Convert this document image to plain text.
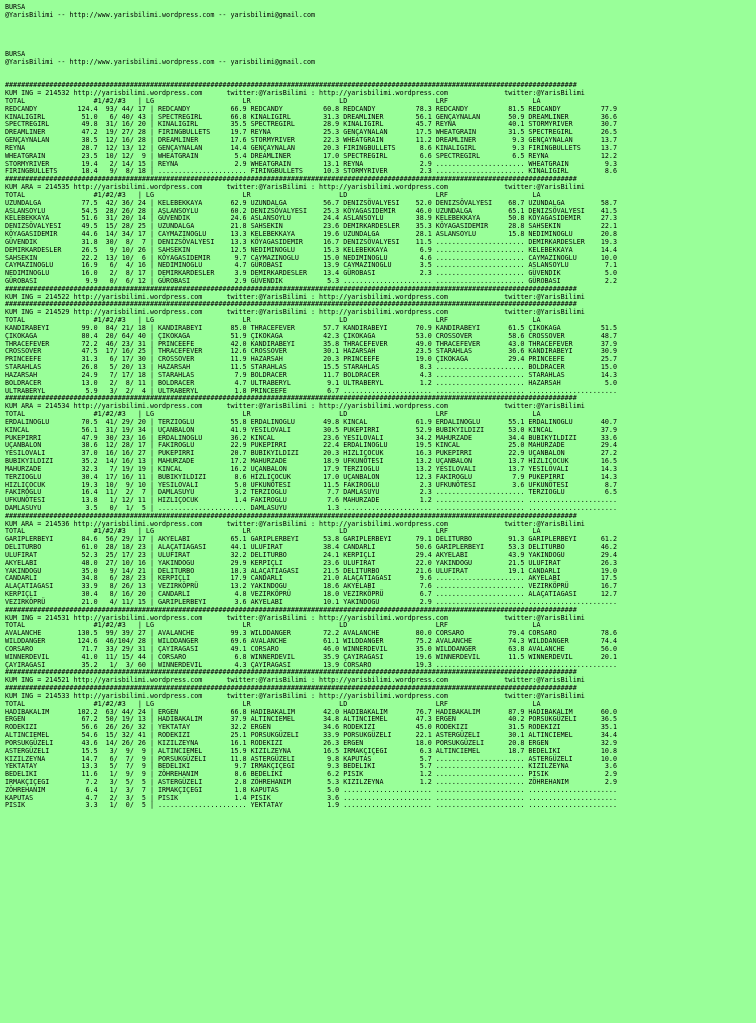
BURSA
@YarisBilimi -- http://www.yarisbilimi.wordpress.com -- yarisbilimi@gmail.com
BURSA
@YarisBilimi -- http://www.yarisbilimi.wordpress.com -- yarisbilimi@gmail.com
##############################################################################################################################################
KUM ING = 214532 http://yarisbilimi.wordpress.com      twitter:@YarisBilimi : http://yarisbilimi.wordpress.com              twitter:@YarisBilimi
TOTAL                 #1/#2/#3   | LG                      LR                      LD                      LRF                     LA
REDCANDY          124.4  93/ 44/ 17 | REDCANDY          66.9 REDCANDY          60.8 REDCANDY          78.3 REDCANDY          81.5 REDCANDY          77.9
KINALIGIRL         51.0   6/ 40/ 43 | SPECTREGIRL       66.8 KINALIGIRL        31.3 DREAMLINER        56.1 GENÇAYNALAN       50.9 DREAMLINER        36.6
SPECTREGIRL        49.8  31/ 16/ 20 | KINALIGIRL        35.5 SPECTREGIRL       28.9 KINALIGIRL        45.7 REYNA             40.1 STORMYRIVER       30.7
DREAMLINER         47.2  19/ 27/ 28 | FIRINGBULLETS     19.7 REYNA             25.3 GENÇAYNALAN       17.5 WHEATGRAIN        31.5 SPECTREGIRL       26.5
GENÇAYNALAN        38.5  12/ 16/ 28 | DREAMLINER        17.6 STORMYRIVER       22.3 WHEATGRAIN        11.2 DREAMLINER         9.3 GENÇAYNALAN       13.7
REYNA              28.7  12/ 13/ 12 | GENÇAYNALAN       14.4 GENÇAYNALAN       20.3 FIRINGBULLETS      8.6 KINALIGIRL         9.3 FIRINGBULLETS     13.7
WHEATGRAIN         23.5  10/ 12/  9 | WHEATGRAIN         5.4 DREAMLINER        17.0 SPECTREGIRL        6.6 SPECTREGIRL        6.5 REYNA             12.2
STORMYRIVER        19.4   2/ 14/ 15 | REYNA              2.9 WHEATGRAIN        13.1 REYNA              2.9 ...................... WHEATGRAIN         9.3
FIRINGBULLETS      18.4   9/  8/ 18 | ...................... FIRINGBULLETS     10.3 STORMYRIVER        2.3 ...................... KINALIGIRL         8.6
##############################################################################################################################################
KUM ARA = 214535 http://yarisbilimi.wordpress.com      twitter:@YarisBilimi : http://yarisbilimi.wordpress.com              twitter:@YarisBilimi
TOTAL                 #1/#2/#3   | LG                      LR                      LD                      LRF                     LA
UZUNDALGA          77.5  42/ 36/ 24 | KELEBEKKAYA       62.9 UZUNDALGA         56.7 DENIZSÖVALYESI    52.0 DENIZSÖVALYESI    68.7 UZUNDALGA         58.7
ASLANSOYLU         54.5  28/ 26/ 28 | ASLANSOYLU        60.2 DENIZSÖVALYESI    25.3 KÖYAGASIDEMIR     46.0 UZUNDALGA         65.1 DENIZSÖVALYESI    41.5
KELEBEKKAYA        51.6  31/ 20/ 14 | GÜVENDIK          24.6 ASLANSOYLU        24.4 ASLANSOYLU        38.9 KELEBEKKAYA       50.8 KÖYAGASIDEMIR     27.3
DENIZSÖVALYESI     49.5  15/ 28/ 25 | UZUNDALGA         21.8 SAHSEKIN          23.6 DEMIRKARDESLER    35.3 KÖYAGASIDEMIR     28.8 SAHSEKIN          22.1
KÖYAGASIDEMIR      44.6  14/ 34/ 17 | CAYMAZINOGLU      13.3 KELEBEKKAYA       19.6 UZUNDALGA         28.1 ASLANSOYLU        15.8 NEDIMINOGLU       20.8
GÜVENDIK           31.8  30/  8/  7 | DENIZSÖVALYESI    13.3 KÖYAGASIDEMIR     16.7 DENIZSÖVALYESI    11.5 ...................... DEMIRKARDESLER    19.3
DEMIRKARDESLER     26.5   9/ 10/ 26 | SAHSEKIN          12.5 NEDIMINOGLU       15.3 KELEBEKKAYA        6.9 ...................... KELEBEKKAYA       14.4
SAHSEKIN           22.2  13/ 10/  6 | KÖYAGASIDEMIR      9.7 CAYMAZINOGLU      15.0 NEDIMINOGLU        4.6 ...................... CAYMAZINOGLU      10.0
CAYMAZINOGLU       16.9   6/  4/ 16 | NEDIMINOGLU        4.7 GÜROBASI          13.9 CAYMAZINOGLU       3.5 ...................... ASLANSOYLU         7.1
NEDIMINOGLU        16.0   2/  8/ 17 | DEMIRKARDESLER     3.9 DEMIRKARDESLER    13.4 GÜROBASI           2.3 ...................... GÜVENDIK           5.0
GÜROBASI            9.9   0/  6/ 12 | GÜROBASI           2.9 GÜVENDIK           5.3 ...................... ...................... GÜROBASI           2.2
##############################################################################################################################################
KUM ING = 214522 http://yarisbilimi.wordpress.com      twitter:@YarisBilimi : http://yarisbilimi.wordpress.com              twitter:@YarisBilimi
##############################################################################################################################################
KUM ING = 214529 http://yarisbilimi.wordpress.com      twitter:@YarisBilimi : http://yarisbilimi.wordpress.com              twitter:@YarisBilimi
TOTAL                 #1/#2/#3   | LG                      LR                      LD                      LRF                     LA
KANDIRABEYI        99.0  84/ 21/ 18 | KANDIRABEYI       85.0 THRACEFEVER       57.7 KANDIRABEYI       70.9 KANDIRABEYI       61.5 ÇIKOKAGA          51.5
ÇIKOKAGA           80.4  20/ 64/ 40 | ÇIKOKAGA          51.9 ÇIKOKAGA          42.3 ÇIKOKAGA          53.0 CROSSOVER         58.6 CROSSOVER         48.7
THRACEFEVER        72.2  46/ 23/ 31 | PRINCEEFE         42.0 KANDIRABEYI       35.8 THRACEFEVER       49.0 THRACEFEVER       43.0 THRACEFEVER       37.9
CROSSOVER          47.5  17/ 16/ 25 | THRACEFEVER       12.6 CROSSOVER         30.1 HAZARSAH          23.5 STARAHLAS         36.6 KANDIRABEYI       30.9
PRINCEEFE          31.3   6/ 17/ 30 | CROSSOVER         11.9 HAZARSAH          20.3 PRINCEEFE         19.0 ÇIKOKAGA          29.4 PRINCEEFE         25.7
STARAHLAS          26.8   5/ 20/ 13 | HAZARSAH          11.5 STARAHLAS         15.5 STARAHLAS          8.3 ...................... BOLDRACER         15.0
HAZARSAH           24.9   7/ 17/ 18 | STARAHLAS          7.9 BOLDRACER         11.7 BOLDRACER          4.3 ...................... STARAHLAS         14.3
BOLDRACER          13.0   2/  8/ 11 | BOLDRACER          4.7 ULTRABERYL         9.1 ULTRABERYL         1.2 ...................... HAZARSAH           5.0
ULTRABERYL          5.9   3/  2/  4 | ULTRABERYL         1.8 PRINCEEFE          6.7 ...................... ...................... ......................
##############################################################################################################################################
KUM ARA = 214534 http://yarisbilimi.wordpress.com      twitter:@YarisBilimi : http://yarisbilimi.wordpress.com              twitter:@YarisBilimi
TOTAL                 #1/#2/#3   | LG                      LR                      LD                      LRF                     LA
ERDALINOGLU        70.5  41/ 29/ 20 | TERZIOGLU         55.8 ERDALINOGLU       49.8 KINCAL            61.9 ERDALINOGLU       55.1 ERDALINOGLU       40.7
KINCAL             56.1  31/ 19/ 34 | UÇANBALON         41.9 YESILOVALI        30.5 PUKEPIRRI         52.9 BUBIKYILDIZI      53.0 KINCAL            37.9
PUKEPIRRI          47.9  30/ 23/ 16 | ERDALINOGLU       36.2 KINCAL            23.6 YESILOVALI        34.2 MAHURZADE         34.4 BUBIKYILDIZI      33.6
UÇANBALON          38.6  12/ 28/ 17 | FAKIROGLU         22.9 PUKEPIRRI         22.4 ERDALINOGLU       19.5 KINCAL            25.0 MAHURZADE         29.4
YESILOVALI         37.0  16/ 16/ 27 | PUKEPIRRI         20.7 BUBIKYILDIZI      20.3 HIZLIÇOCUK        16.3 PUKEPIRRI         22.9 UÇANBALON         27.2
BUBIKYILDIZI       35.2  14/ 16/ 13 | MAHURZADE         17.2 MAHURZADE         18.9 UFKUNÖTESI        13.2 UÇANBALON         13.7 HIZLIÇOCUK        16.5
MAHURZADE          32.3   7/ 19/ 19 | KINCAL            16.2 UÇANBALON         17.9 TERZIOGLU         13.2 YESILOVALI        13.7 YESILOVALI        14.3
TERZIOGLU          30.4  17/ 16/ 11 | BUBIKYILDIZI       8.6 HIZLIÇOCUK        17.0 UÇANBALON         12.3 FAKIROGLU          7.9 PUKEPIRRI         14.3
HIZLIÇOCUK         19.3  10/  9/ 10 | YESILOVALI         5.0 UFKUNÖTESI        11.5 FAKIROGLU          2.3 UFKUNÖTESI         3.6 UFKUNÖTESI         8.7
FAKIROGLU          16.4  11/  2/  7 | DAMLASUYU          3.2 TERZIOGLU          7.7 DAMLASUYU          2.3 ...................... TERZIOGLU          6.5
UFKUNÖTESI         13.8   1/ 12/ 11 | HIZLIÇOCUK         1.4 FAKIROGLU          7.6 MAHURZADE          1.2 ...................... ......................
DAMLASUYU           3.5   0/  1/  5 | ...................... DAMLASUYU          1.3 ...................... ...................... ......................
##############################################################################################################################################
KUM ARA = 214536 http://yarisbilimi.wordpress.com      twitter:@YarisBilimi : http://yarisbilimi.wordpress.com              twitter:@YarisBilimi
TOTAL                 #1/#2/#3   | LG                      LR                      LD                      LRF                     LA
GARIPLERBEYI       84.6  56/ 29/ 17 | AKYELABI          65.1 GARIPLERBEYI      53.8 GARIPLERBEYI      79.1 DELITURBO         91.3 GARIPLERBEYI      61.2
DELITURBO          61.0  28/ 18/ 23 | ALAÇATIAGASI      44.1 ULUFIRAT          38.4 CANDARLI          50.6 GARIPLERBEYI      53.3 DELITURBO         46.2
ULUFIRAT           52.3  25/ 17/ 23 | ULUFIRAT          32.2 DELITURBO         24.1 KERPIÇLI          29.4 AKYELABI          43.9 YAKINDOGU         29.4
AKYELABI           48.0  27/ 10/ 16 | YAKINDOGU         29.9 KERPIÇLI          23.6 ULUFIRAT          22.0 YAKINDOGU         21.5 ULUFIRAT          26.3
YAKINDOGU          35.0   9/ 14/ 21 | DELITURBO         18.3 ALAÇATIAGASI      21.5 DELITURBO         21.6 ULUFIRAT          19.1 CANDARLI          19.0
CANDARLI           34.8   6/ 28/ 23 | KERPIÇLI          17.9 CANDARLI          21.0 ALAÇATIAGASI       9.6 ...................... AKYELABI          17.5
ALAÇATIAGASI       33.9   8/ 26/ 13 | VEZIRKÖPRÜ        13.2 YAKINDOGU         18.6 AKYELABI           7.6 ...................... VEZIRKÖPRÜ        16.7
KERPIÇLI           30.4   8/ 16/ 20 | CANDARLI           4.8 VEZIRKÖPRÜ        18.0 VEZIRKÖPRÜ         6.7 ...................... ALAÇATIAGASI      12.7
VEZIRKÖPRÜ         21.0   4/ 11/ 15 | GARIPLERBEYI       3.6 AKYELABI          10.1 YAKINDOGU          2.9 ...................... ......................
##############################################################################################################################################
KUM ING = 214531 http://yarisbilimi.wordpress.com      twitter:@YarisBilimi : http://yarisbilimi.wordpress.com              twitter:@YarisBilimi
TOTAL                 #1/#2/#3   | LG                      LR                      LD                      LRF                     LA
AVALANCHE         130.5  99/ 39/ 27 | AVALANCHE         99.3 WILDDANGER        72.2 AVALANCHE         80.0 CORSARO           79.4 CORSARO           78.6
WILDDANGER        124.6  46/104/ 28 | WILDDANGER        69.6 AVALANCHE         61.1 WILDDANGER        75.2 AVALANCHE         74.3 WILDDANGER        74.4
CORSARO            71.7  33/ 29/ 31 | ÇAYIRAGASI        49.1 CORSARO           46.0 WINNERDEVIL       35.0 WILDDANGER        63.8 AVALANCHE         56.0
WINNERDEVIL        41.0  11/ 15/ 44 | CORSARO            6.8 WINNERDEVIL       35.9 ÇAYIRAGASI        19.6 WINNERDEVIL       11.5 WINNERDEVIL       20.1
ÇAYIRAGASI         35.2   1/  3/ 60 | WINNERDEVIL        4.3 ÇAYIRAGASI        13.9 CORSARO           19.3 ...................... ......................
##############################################################################################################################################
KUM ING = 214521 http://yarisbilimi.wordpress.com      twitter:@YarisBilimi : http://yarisbilimi.wordpress.com              twitter:@YarisBilimi
##############################################################################################################################################
KUM ING = 214533 http://yarisbilimi.wordpress.com      twitter:@YarisBilimi : http://yarisbilimi.wordpress.com              twitter:@YarisBilimi
TOTAL                 #1/#2/#3   | LG                      LR                      LD                      LRF                     LA
HADIBAKALIM       102.2  63/ 44/ 24 | ERGEN             66.8 HADIBAKALIM       42.0 HADIBAKALIM       76.7 HADIBAKALIM       87.9 HADIBAKALIM       60.0
ERGEN              67.2  50/ 19/ 13 | HADIBAKALIM       37.9 ALTINCIEMEL       34.8 ALTINCIEMEL       47.3 ERGEN             40.2 PORSUKGÜZELI      36.5
RODEKIZI           56.6  26/ 26/ 32 | YEKTATAY          32.2 ERGEN             34.6 RODEKIZI          45.0 RODEKIZI          31.5 RODEKIZI          35.1
ALTINCIEMEL        54.6  15/ 32/ 41 | RODEKIZI          25.1 PORSUKGÜZELI      33.9 PORSUKGÜZELI      22.1 ASTERGÜZELI       30.1 ALTINCIEMEL       34.4
PORSUKGÜZELI       43.6  14/ 26/ 26 | KIZILZEYNA        16.1 RODEKIZI          26.3 ERGEN             18.0 PORSUKGÜZELI      20.8 ERGEN             32.9
ASTERGÜZELI        15.5   3/  9/  9 | ALTINCIEMEL       15.9 KIZILZEYNA        16.5 IRMAKÇIÇEGI        6.3 ALTINCIEMEL       18.7 BEDELIKI          10.8
KIZILZEYNA         14.7   6/  7/  9 | PORSUKGÜZELI      11.8 ASTERGÜZELI        9.8 KAPUTAS            5.7 ...................... ASTERGÜZELI       10.0
YEKTATAY           13.3   5/  7/  9 | BEDELIKI           9.7 IRMAKÇIÇEGI        9.3 BEDELIKI           5.7 ...................... KIZILZEYNA         3.6
BEDELIKI           11.6   1/  9/  9 | ZÖHREHANIM         8.6 BEDELIKI           6.2 PISIK              1.2 ...................... PISIK              2.9
IRMAKÇIÇEGI         7.2   3/  5/  5 | ASTERGÜZELI        2.8 ZÖHREHANIM         5.3 KIZILZEYNA         1.2 ...................... ZÖHREHANIM         2.9
ZÖHREHANIM          6.4   1/  3/  7 | IRMAKÇIÇEGI        1.8 KAPUTAS            5.0 ...................... ...................... ......................
KAPUTAS             4.7   2/  3/  5 | PISIK              1.4 PISIK              3.6 ...................... ...................... ......................
PISIK               3.3   1/  0/  5 | ...................... YEKTATAY           1.9 ...................... ...................... ......................
